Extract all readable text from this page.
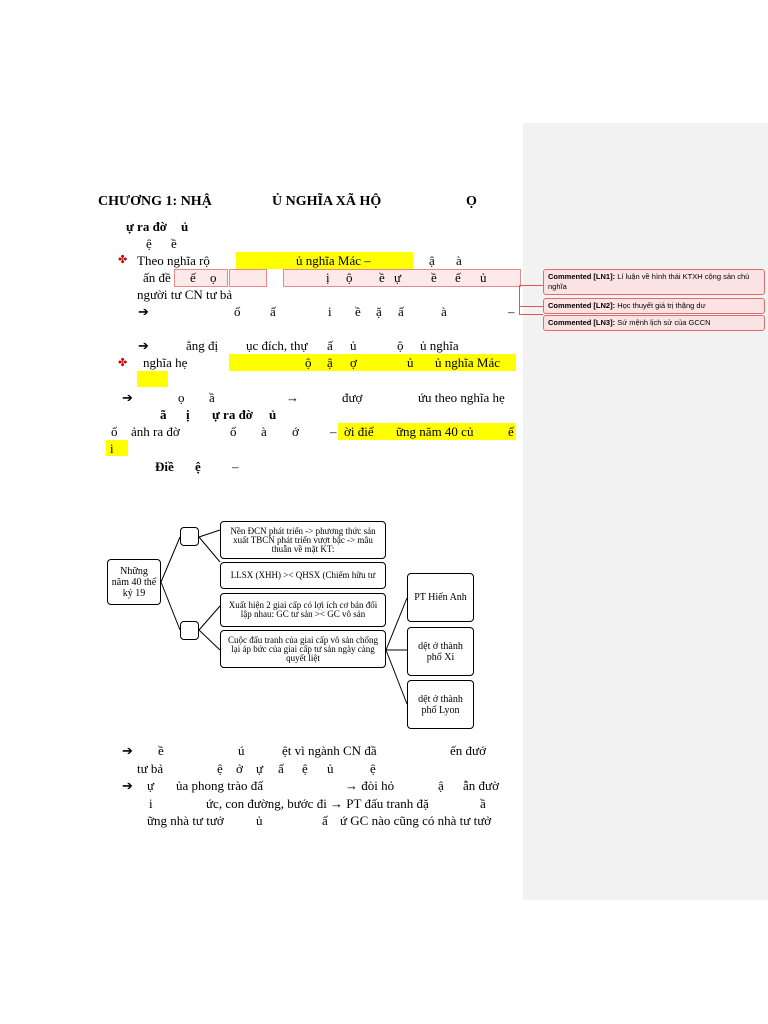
CHƯƠNG 1: NHẬ	Ủ NGHĨA XÃ HỘ	Ọ
ự ra đờ ủ
ệ ề
✤ Theo nghĩa rộ	ủ nghĩa Mác –	ậ à
ấn đề ế ọ	ị ộ ề ự ề ế ủ
người tư CN tư bả
➔	ố ấ	i ề ặ ấ	à	–
➔	ẳng đị ục đích, thự ấ ủ	ộ ủ nghĩa
✤ nghĩa hẹ	ộ ậ ợ	ủ ủ nghĩa Mác
➔	ọ ầ	→	đượ	ứu theo nghĩa hẹ
ã ị ự ra đờ ủ
ố ảnh ra đờ	ố à ớ – ời điể ững năm 40 củ	ế
i
Điề ệ –
Commented [LN1]: Lí luận về hình thái KTXH cộng sản chủ nghĩa
Commented [LN2]: Học thuyết giá trị thặng dư
Commented [LN3]: Sứ mệnh lịch sử của GCCN
Những năm 40 thế kỷ 19
Nền ĐCN phát triển -> phương thức sản xuất TBCN phát triển vượt bậc -> mâu thuẫn về mặt KT:
LLSX (XHH) >< QHSX (Chiếm hữu tư
Xuất hiện 2 giai cấp có lợi ích cơ bản đối lập nhau: GC tư sản >< GC vô sản
Cuộc đấu tranh của giai cấp vô sản chống lại áp bức của giai cấp tư sản ngày càng quyết liệt
PT Hiến Anh
dệt ở thành phố Xi
dệt ở thành phố Lyon
➔ ề	ú	ệt vì ngành CN đầ	ến đướ
tư bả	ệ ở ự ấ ệ ủ	ệ
➔ ự ủa phong trào đấ	→ đòi hỏ	ậ ẫn đườ
i	ức, con đường, bước đi → PT đấu tranh đặ	ầ
ững nhà tư tưở ủ	ấ ứ GC nào cũng có nhà tư tưở
